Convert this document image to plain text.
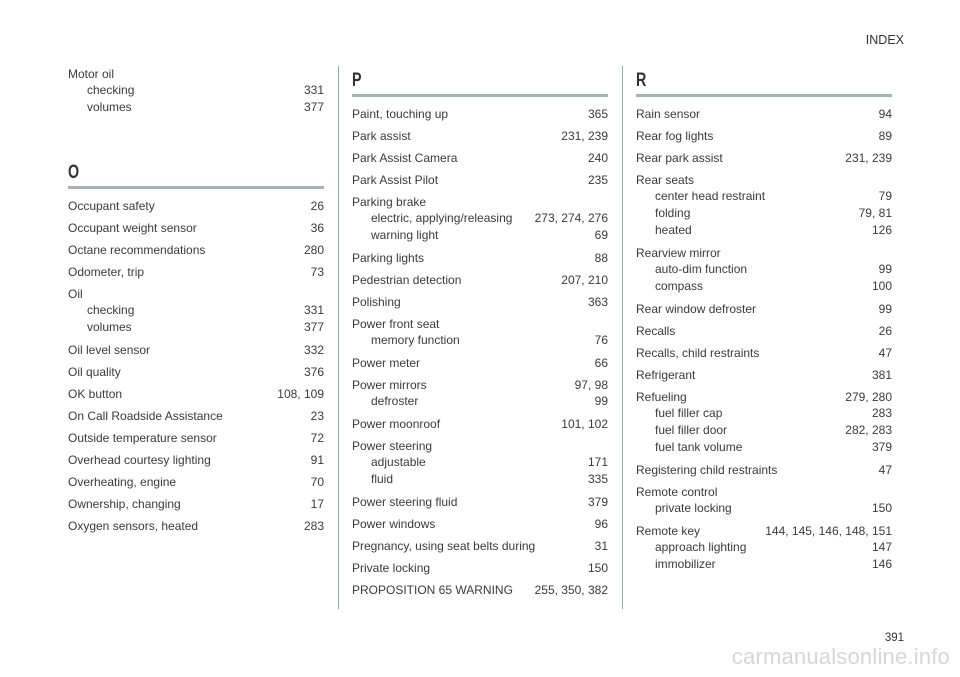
INDEX
Motor oil
checking	331
volumes	377
O
Occupant safety	26
Occupant weight sensor	36
Octane recommendations	280
Odometer, trip	73
Oil
checking	331
volumes	377
Oil level sensor	332
Oil quality	376
OK button	108, 109
On Call Roadside Assistance	23
Outside temperature sensor	72
Overhead courtesy lighting	91
Overheating, engine	70
Ownership, changing	17
Oxygen sensors, heated	283
P
Paint, touching up	365
Park assist	231, 239
Park Assist Camera	240
Park Assist Pilot	235
Parking brake
electric, applying/releasing 273, 274, 276
warning light	69
Parking lights	88
Pedestrian detection	207, 210
Polishing	363
Power front seat
memory function	76
Power meter	66
Power mirrors	97, 98
defroster	99
Power moonroof	101, 102
Power steering
adjustable	171
fluid	335
Power steering fluid	379
Power windows	96
Pregnancy, using seat belts during	31
Private locking	150
PROPOSITION 65 WARNING 255, 350, 382
R
Rain sensor	94
Rear fog lights	89
Rear park assist	231, 239
Rear seats
center head restraint	79
folding	79, 81
heated	126
Rearview mirror
auto-dim function	99
compass	100
Rear window defroster	99
Recalls	26
Recalls, child restraints	47
Refrigerant	381
Refueling	279, 280
fuel filler cap	283
fuel filler door	282, 283
fuel tank volume	379
Registering child restraints	47
Remote control
private locking	150
Remote key	144, 145, 146, 148, 151
approach lighting	147
immobilizer	146
391
carmanualsonline.info
